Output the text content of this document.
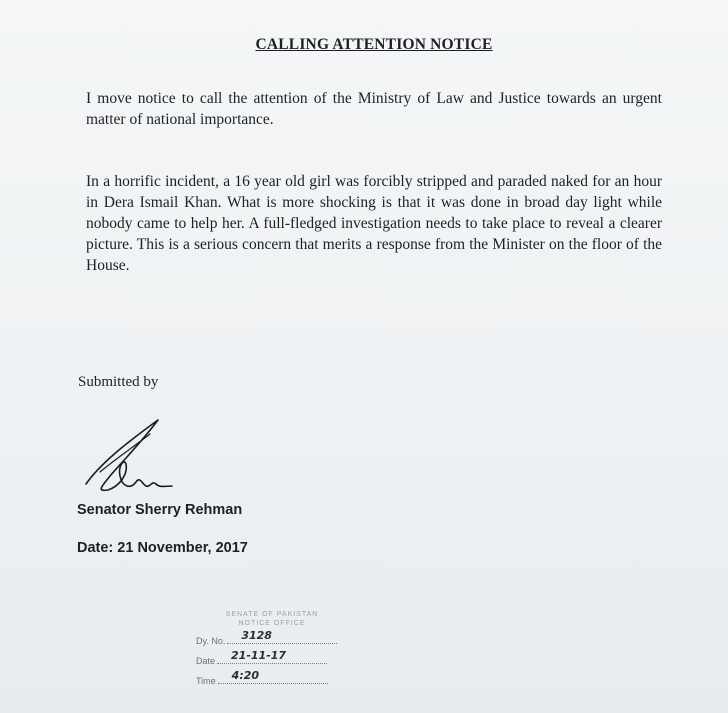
CALLING ATTENTION NOTICE
I move notice to call the attention of the Ministry of Law and Justice towards an urgent matter of national importance.
In a horrific incident, a 16 year old girl was forcibly stripped and paraded naked for an hour in Dera Ismail Khan. What is more shocking is that it was done in broad day light while nobody came to help her. A full-fledged investigation needs to take place to reveal a clearer picture. This is a serious concern that merits a response from the Minister on the floor of the House.
Submitted by
Senator Sherry Rehman
Date: 21 November, 2017
SENATE OF PAKISTAN
NOTICE OFFICE
Dy. No. 3128
Date 21-11-17
Time 4:20
